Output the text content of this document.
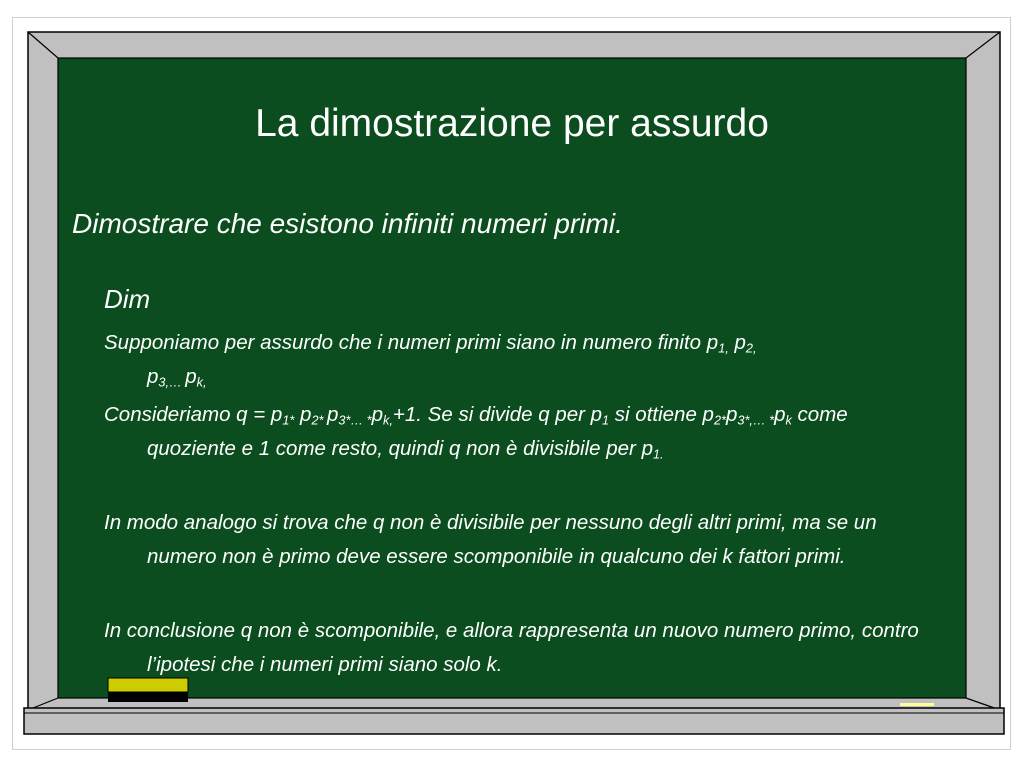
La dimostrazione per assurdo
Dimostrare che esistono infiniti numeri primi.
Dim
Supponiamo per assurdo che i numeri primi siano in numero finito $p_{1,}$ $p_{2,}$
$p_{3,\dots}$ $p_{k,}$
Consideriamo $q = p_{1*}$ $p_{2*}$ $p_{3*\dots *}p_{k,}+1$. Se si divide q per $p_1$ si ottiene $p_{2*}p_{3*,\dots *}p_k$ come quoziente e 1 come resto, quindi q non è divisibile per $p_{1.}$
In modo analogo si trova che q non è divisibile per nessuno degli altri primi, ma se un numero non è primo deve essere scomponibile in qualcuno dei k fattori primi.
In conclusione q non è scomponibile, e allora rappresenta un nuovo numero primo, contro l’ipotesi che i numeri primi siano solo k.
